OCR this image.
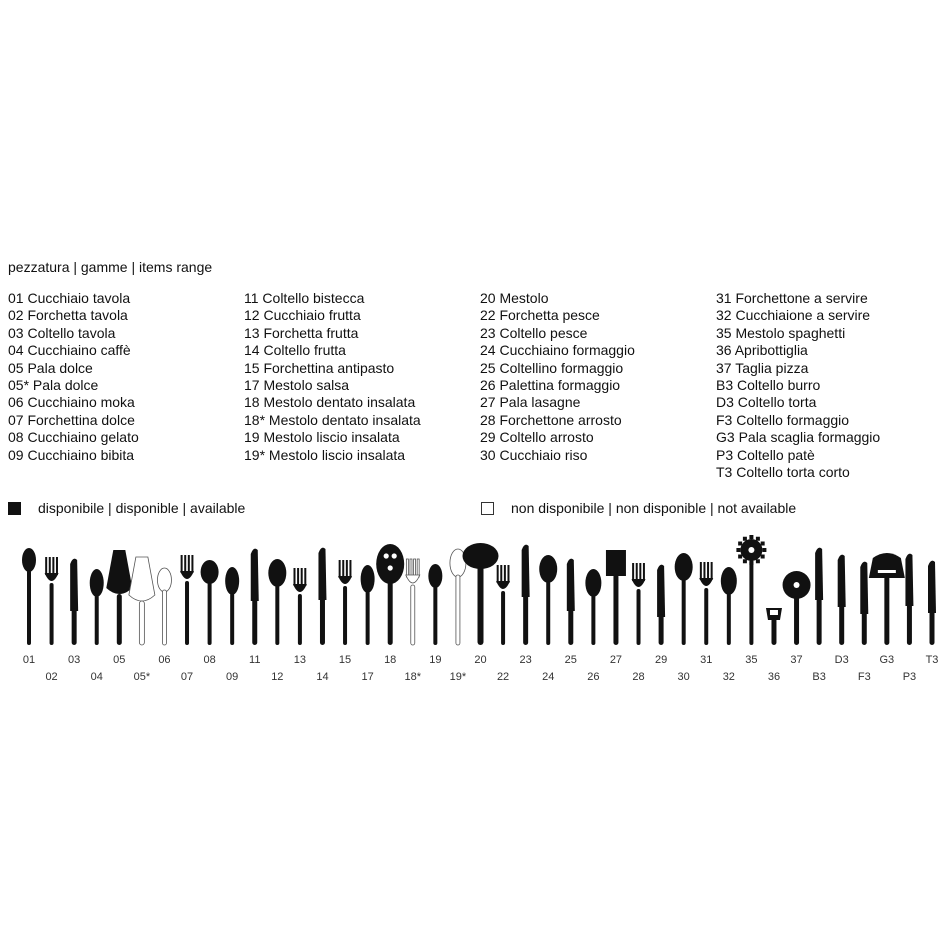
pezzatura | gamme | items range
01 Cucchiaio tavola
02 Forchetta tavola
03 Coltello tavola
04 Cucchiaino caffè
05 Pala dolce
05* Pala dolce
06 Cucchiaino moka
07 Forchettina dolce
08 Cucchiaino gelato
09 Cucchiaino bibita
11 Coltello bistecca
12 Cucchiaio frutta
13 Forchetta frutta
14 Coltello frutta
15 Forchettina antipasto
17 Mestolo salsa
18 Mestolo dentato insalata
18* Mestolo dentato insalata
19 Mestolo liscio insalata
19* Mestolo liscio insalata
20 Mestolo
22 Forchetta pesce
23 Coltello pesce
24 Cucchiaino formaggio
25 Coltellino formaggio
26 Palettina formaggio
27 Pala lasagne
28 Forchettone arrosto
29 Coltello arrosto
30 Cucchiaio riso
31 Forchettone a servire
32 Cucchiaione a servire
35 Mestolo spaghetti
36 Apribottiglia
37 Taglia pizza
B3 Coltello burro
D3 Coltello torta
F3 Coltello formaggio
G3 Pala scaglia formaggio
P3 Coltello patè
T3 Coltello torta corto
disponibile | disponible | available	non disponibile | non disponible | not available
01
02
03
04
05
05*
06
07
08
09
11
12
13
14
15
17
18
18*
19
19*
20
22
23
24
25
26
27
28
29
30
31
32
35
36
37
B3
D3
F3
G3
P3
T3
